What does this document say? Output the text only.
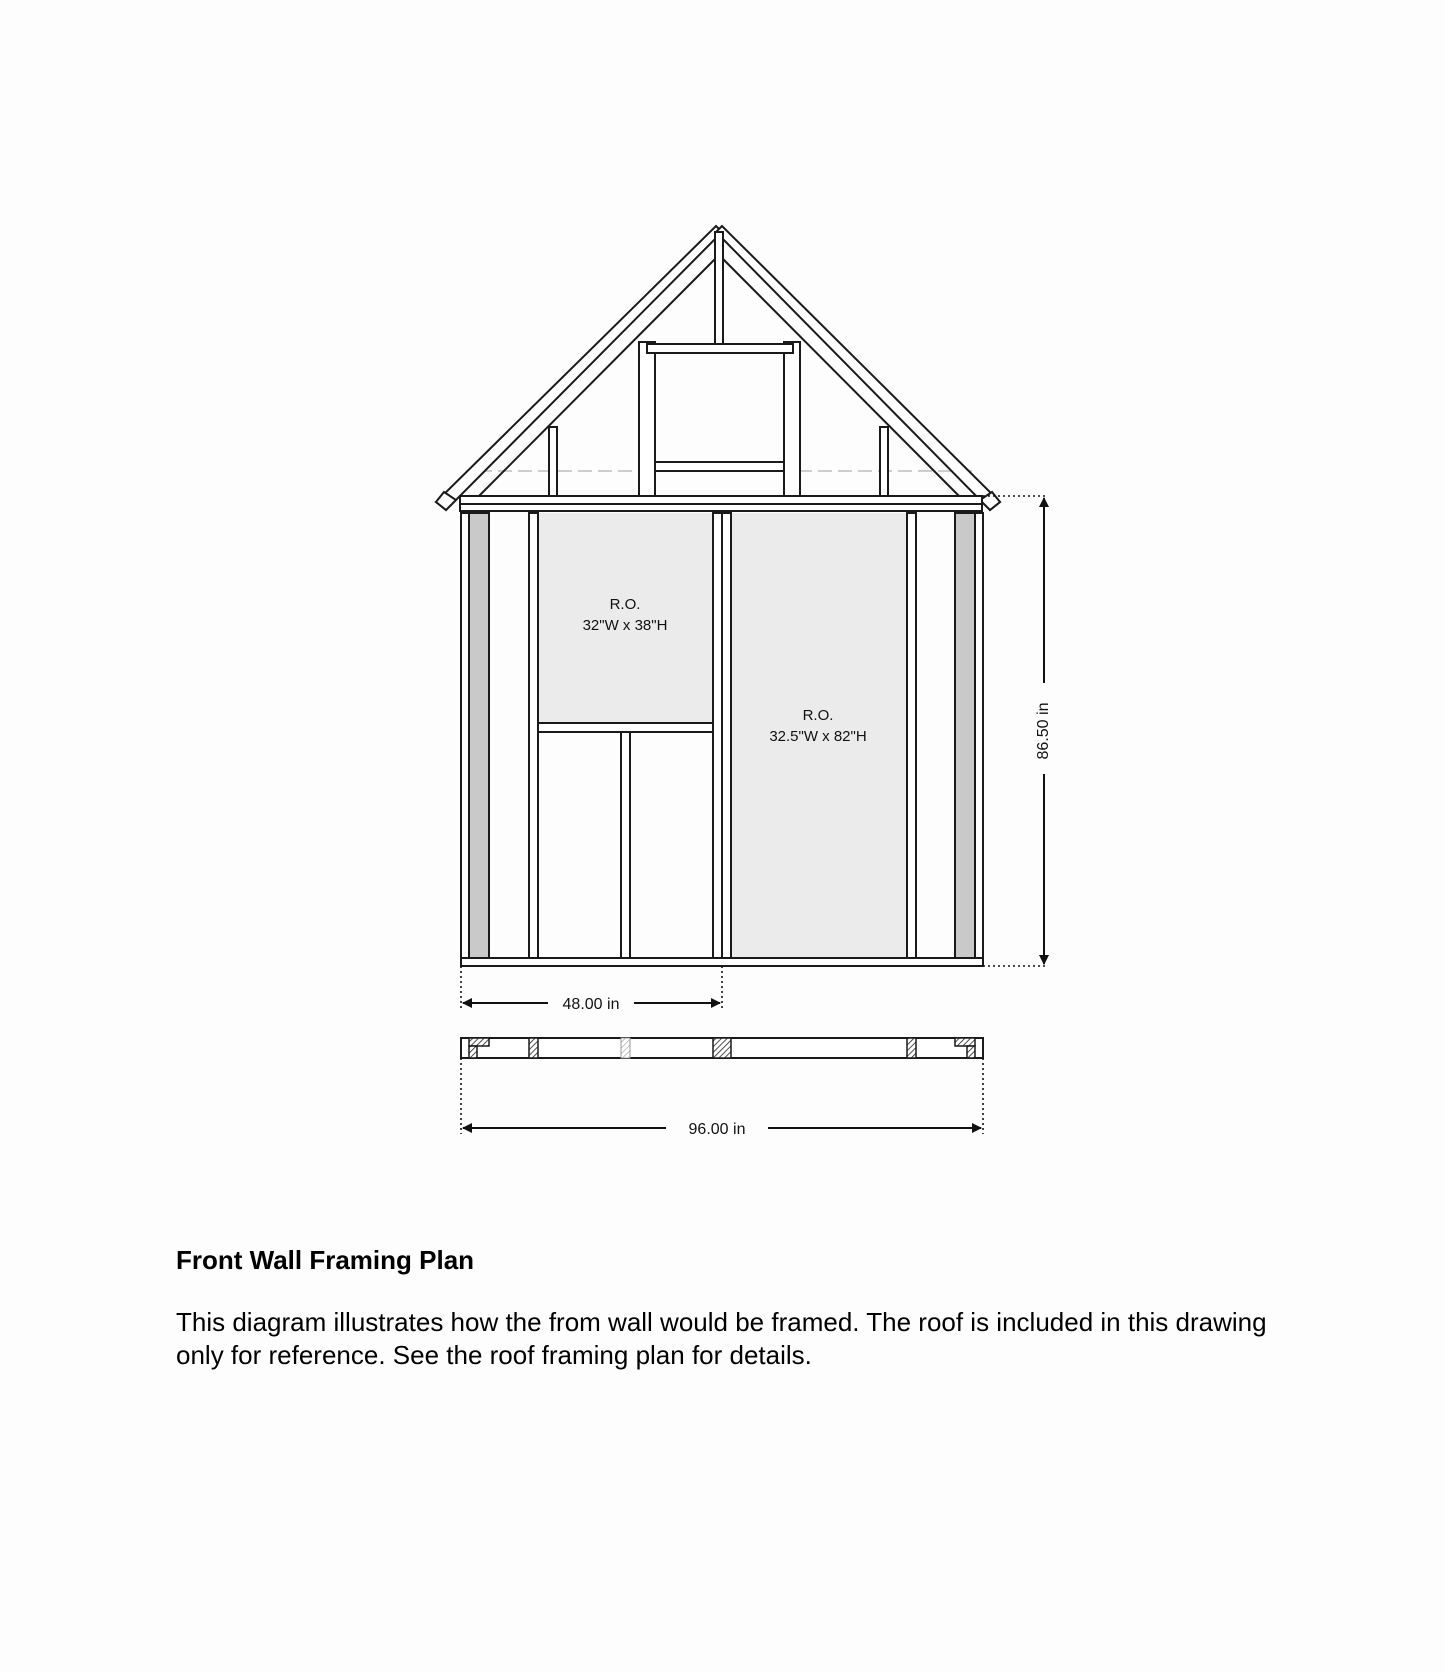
R.O.
32"W x 38"H
R.O.
32.5"W x 82"H	86.50 in
48.00 in
96.00 in

Front Wall Framing Plan

This diagram illustrates how the from wall would be framed. The roof is included in this drawing only for reference. See the roof framing plan for details.
